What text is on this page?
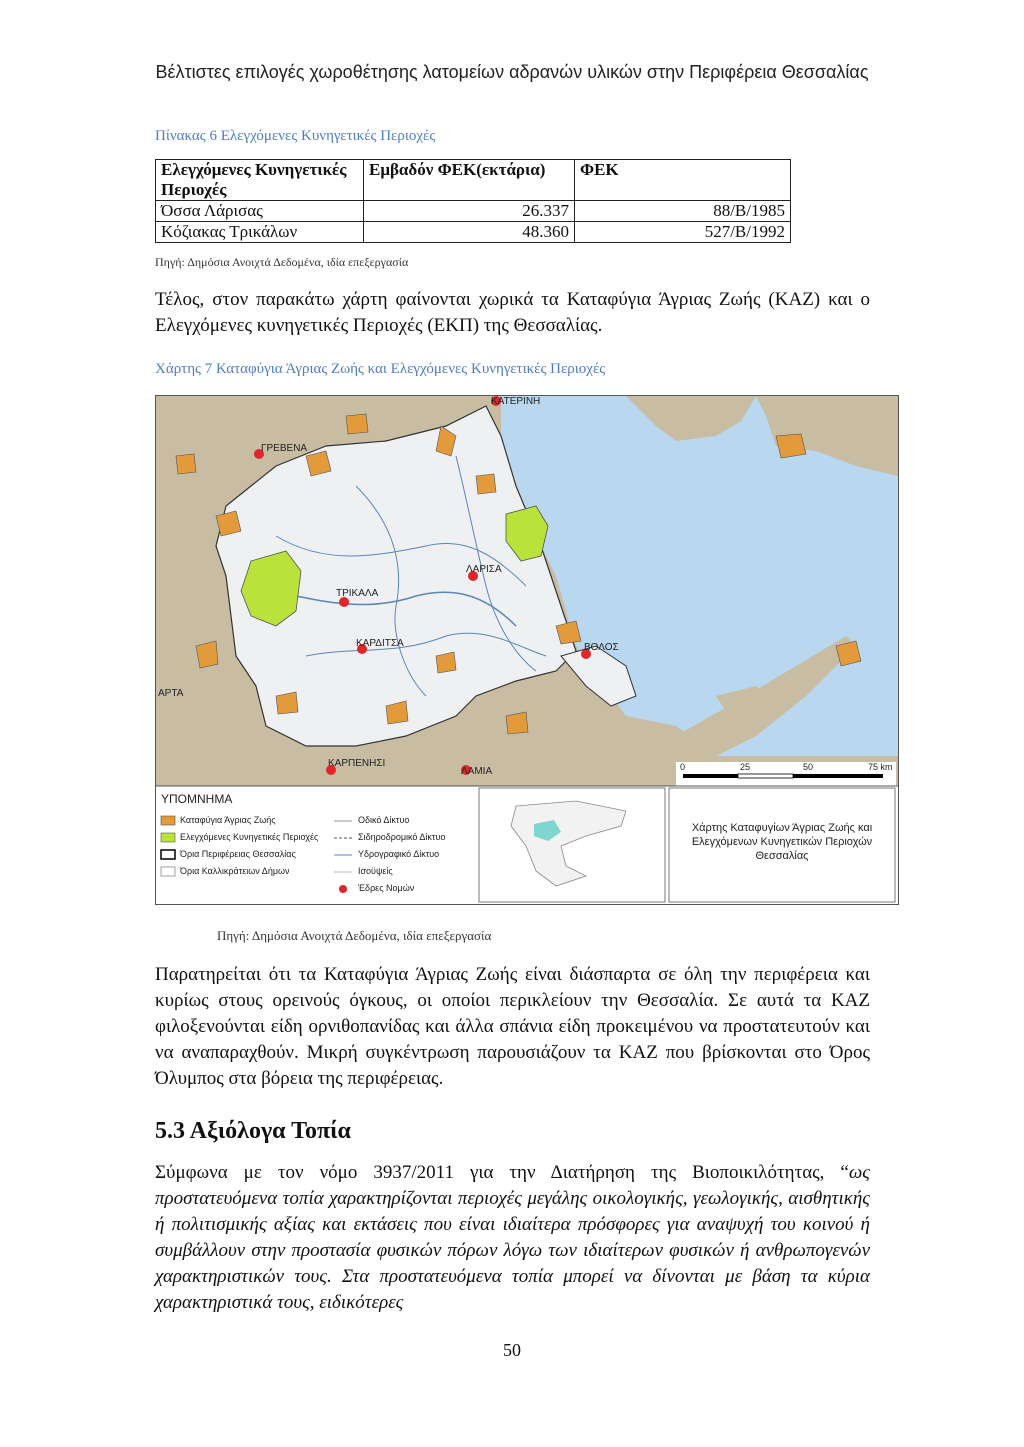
Βέλτιστες επιλογές χωροθέτησης λατομείων αδρανών υλικών στην Περιφέρεια Θεσσαλίας
Πίνακας 6 Ελεγχόμενες Κυνηγετικές Περιοχές
Ελεγχόμενες Κυνηγετικές Περιοχές	Εμβαδόν ΦΕΚ(εκτάρια)	ΦΕΚ
Όσσα Λάρισας	26.337	88/Β/1985
Κόζιακας Τρικάλων	48.360	527/Β/1992
Πηγή: Δημόσια Ανοιχτά Δεδομένα, ιδία επεξεργασία
Τέλος, στον παρακάτω χάρτη φαίνονται χωρικά τα Καταφύγια Άγριας Ζωής (ΚΑΖ) και ο Ελεγχόμενες κυνηγετικές Περιοχές (ΕΚΠ) της Θεσσαλίας.
Χάρτης 7 Καταφύγια Άγριας Ζωής και Ελεγχόμενες Κυνηγετικές Περιοχές
ΚΑΤΕΡΙΝΗ
ΓΡΕΒΕΝΑ
ΛΑΡΙΣΑ
ΤΡΙΚΑΛΑ
ΚΑΡΔΙΤΣΑ	ΒΟΛΟΣ
ΑΡΤΑ
ΚΑΡΠΕΝΗΣΙ
ΛΑΜΙΑ	0	25	50	75 km
ΥΠΟΜΝΗΜΑ
Καταφύγια Άγριας Ζωής
Ελεγχόμενες Κυνηγετικές Περιοχές
Όρια Περιφέρειας Θεσσαλίας
Όρια Καλλικράτειων Δήμων
Οδικό Δίκτυο
Σιδηροδρομικό Δίκτυο
Υδρογραφικό Δίκτυο
Ισοϋψείς
Έδρες Νομών
Χάρτης Καταφυγίων Άγριας Ζωής και Ελεγχόμενων Κυνηγετικών Περιοχών Θεσσαλίας
Πηγή: Δημόσια Ανοιχτά Δεδομένα, ιδία επεξεργασία
Παρατηρείται ότι τα Καταφύγια Άγριας Ζωής είναι διάσπαρτα σε όλη την περιφέρεια και κυρίως στους ορεινούς όγκους, οι οποίοι περικλείουν την Θεσσαλία. Σε αυτά τα ΚΑΖ φιλοξενούνται είδη ορνιθοπανίδας και άλλα σπάνια είδη προκειμένου να προστατευτούν και να αναπαραχθούν. Μικρή συγκέντρωση παρουσιάζουν τα ΚΑΖ που βρίσκονται στο Όρος Όλυμπος στα βόρεια της περιφέρειας.
5.3 Αξιόλογα Τοπία
Σύμφωνα με τον νόμο 3937/2011 για την Διατήρηση της Βιοποικιλότητας, “ως προστατευόμενα τοπία χαρακτηρίζονται περιοχές μεγάλης οικολογικής, γεωλογικής, αισθητικής ή πολιτισμικής αξίας και εκτάσεις που είναι ιδιαίτερα πρόσφορες για αναψυχή του κοινού ή συμβάλλουν στην προστασία φυσικών πόρων λόγω των ιδιαίτερων φυσικών ή ανθρωπογενών χαρακτηριστικών τους. Στα προστατευόμενα τοπία μπορεί να δίνονται με βάση τα κύρια χαρακτηριστικά τους, ειδικότερες
50
